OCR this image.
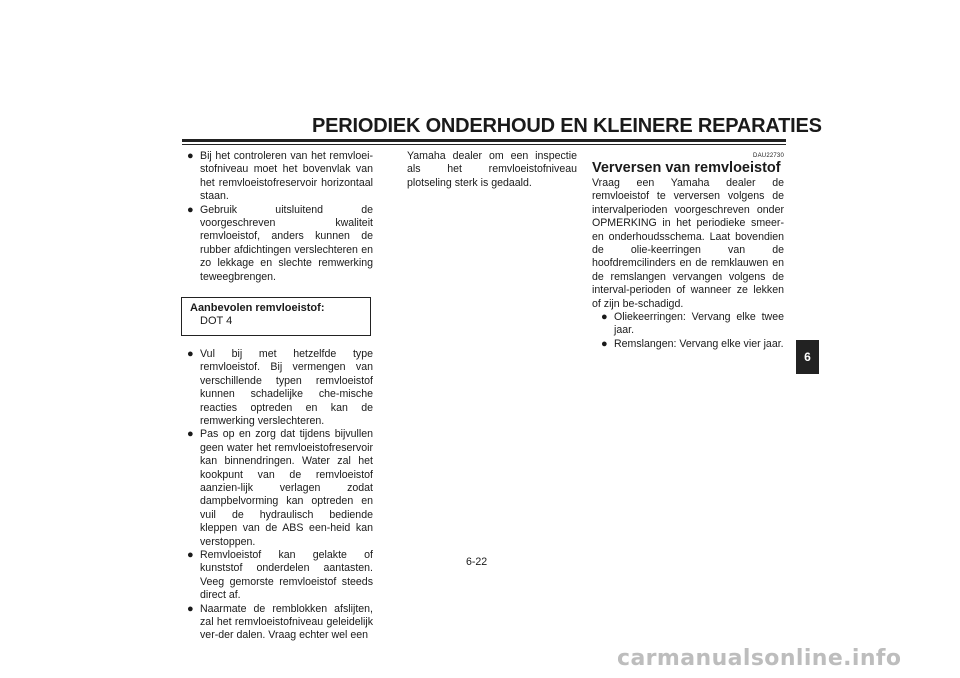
PERIODIEK ONDERHOUD EN KLEINERE REPARATIES
● Bij het controleren van het remvloei-stofniveau moet het bovenvlak van het remvloeistofreservoir horizontaal staan.

● Gebruik uitsluitend de voorgeschreven kwaliteit remvloeistof, anders kunnen de rubber afdichtingen verslechteren en zo lekkage en slechte remwerking teweegbrengen.

Aanbevolen remvloeistof:
DOT 4
● Vul bij met hetzelfde type remvloeistof. Bij vermengen van verschillende typen remvloeistof kunnen schadelijke che-mische reacties optreden en kan de remwerking verslechteren.

● Pas op en zorg dat tijdens bijvullen geen water het remvloeistofreservoir kan binnendringen. Water zal het kookpunt van de remvloeistof aanzien-lijk verlagen zodat dampbelvorming kan optreden en vuil de hydraulisch bediende kleppen van de ABS een-heid kan verstoppen.

● Remvloeistof kan gelakte of kunststof onderdelen aantasten. Veeg gemorste remvloeistof steeds direct af.

● Naarmate de remblokken afslijten, zal het remvloeistofniveau geleidelijk ver-der dalen. Vraag echter wel een

Yamaha dealer om een inspectie als het remvloeistofniveau plotseling sterk is gedaald.

DAU22730
Verversen van remvloeistof

Vraag een Yamaha dealer de remvloeistof te verversen volgens de intervalperioden voorgeschreven onder OPMERKING in het periodieke smeer- en onderhoudsschema. Laat bovendien de olie-keerringen van de hoofdremcilinders en de remklauwen en de remslangen vervangen volgens de interval-perioden of wanneer ze lekken of zijn be-schadigd.

● Oliekeerringen: Vervang elke twee jaar.

● Remslangen: Vervang elke vier jaar.

6
6-22
carmanualsonline.info
